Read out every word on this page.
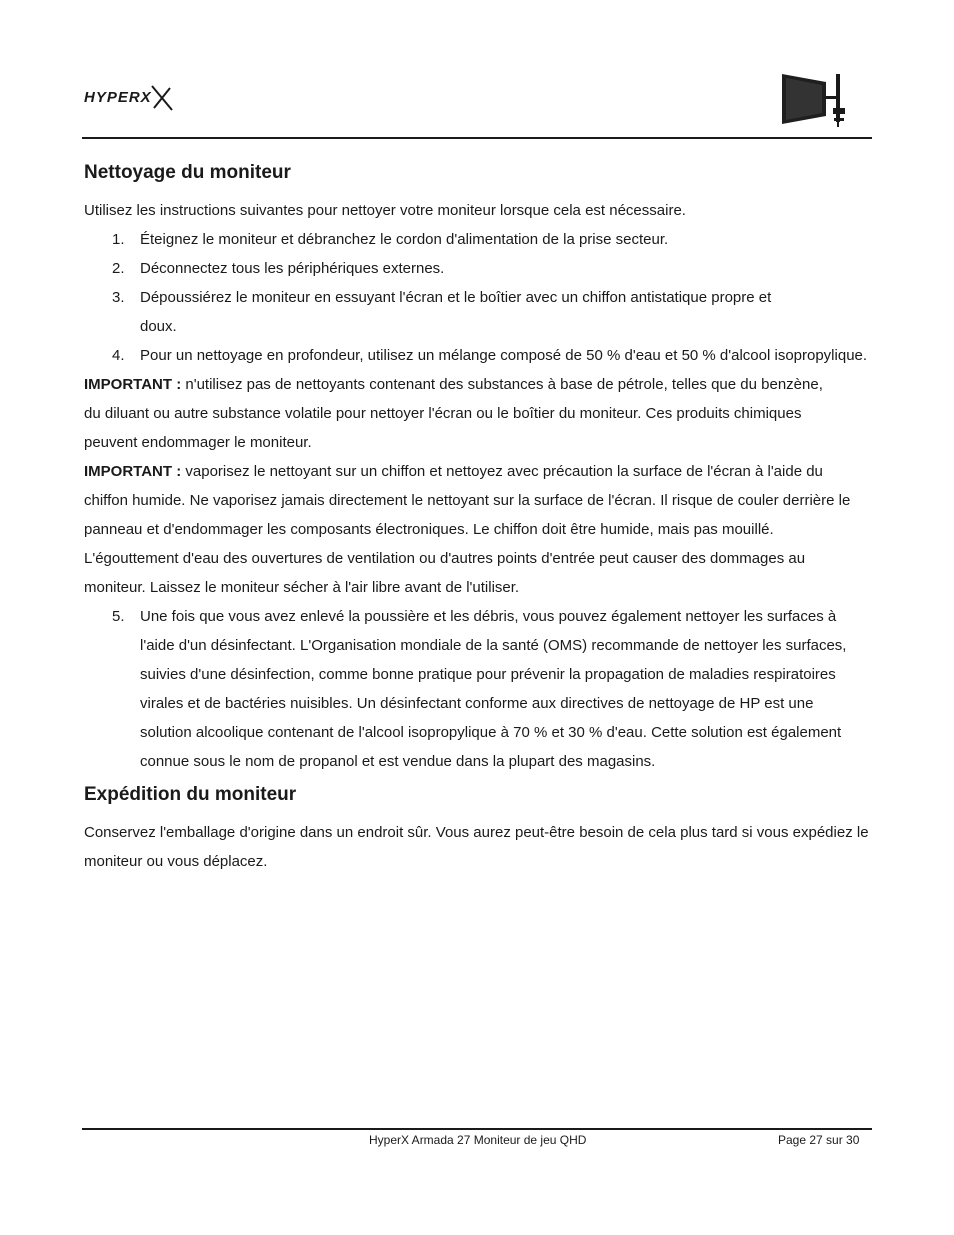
HYPERX
Nettoyage du moniteur

Utilisez les instructions suivantes pour nettoyer votre moniteur lorsque cela est nécessaire.

1. Éteignez le moniteur et débranchez le cordon d'alimentation de la prise secteur.
2. Déconnectez tous les périphériques externes.
3. Dépoussiérez le moniteur en essuyant l'écran et le boîtier avec un chiffon antistatique propre et doux.
4. Pour un nettoyage en profondeur, utilisez un mélange composé de 50 % d'eau et 50 % d'alcool isopropylique.

IMPORTANT : n'utilisez pas de nettoyants contenant des substances à base de pétrole, telles que du benzène, du diluant ou autre substance volatile pour nettoyer l'écran ou le boîtier du moniteur. Ces produits chimiques peuvent endommager le moniteur.

IMPORTANT : vaporisez le nettoyant sur un chiffon et nettoyez avec précaution la surface de l'écran à l'aide du chiffon humide. Ne vaporisez jamais directement le nettoyant sur la surface de l'écran. Il risque de couler derrière le panneau et d'endommager les composants électroniques. Le chiffon doit être humide, mais pas mouillé. L'égouttement d'eau des ouvertures de ventilation ou d'autres points d'entrée peut causer des dommages au moniteur. Laissez le moniteur sécher à l'air libre avant de l'utiliser.

5. Une fois que vous avez enlevé la poussière et les débris, vous pouvez également nettoyer les surfaces à l'aide d'un désinfectant. L'Organisation mondiale de la santé (OMS) recommande de nettoyer les surfaces, suivies d'une désinfection, comme bonne pratique pour prévenir la propagation de maladies respiratoires virales et de bactéries nuisibles. Un désinfectant conforme aux directives de nettoyage de HP est une solution alcoolique contenant de l'alcool isopropylique à 70 % et 30 % d'eau. Cette solution est également connue sous le nom de propanol et est vendue dans la plupart des magasins.
Expédition du moniteur

Conservez l'emballage d'origine dans un endroit sûr. Vous aurez peut-être besoin de cela plus tard si vous expédiez le moniteur ou vous déplacez.

HyperX Armada 27 Moniteur de jeu QHD	Page 27 sur 30
